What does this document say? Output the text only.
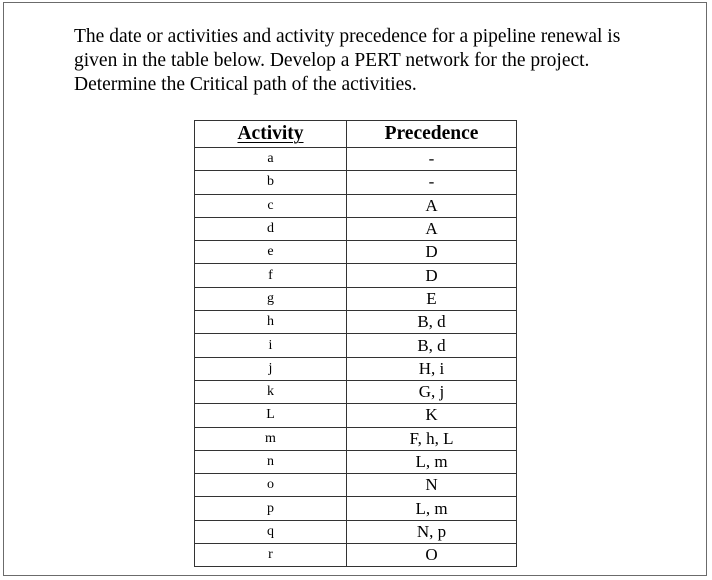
The date or activities and activity precedence for a pipeline renewal is
given in the table below. Develop a PERT network for the project.
Determine the Critical path of the activities.
Activity	Precedence
a	-
b	-
c	A
d	A
e	D
f	D
g	E
h	B, d
i	B, d
j	H, i
k	G, j
L	K
m	F, h, L
n	L, m
o	N
p	L, m
q	N, p
r	O
